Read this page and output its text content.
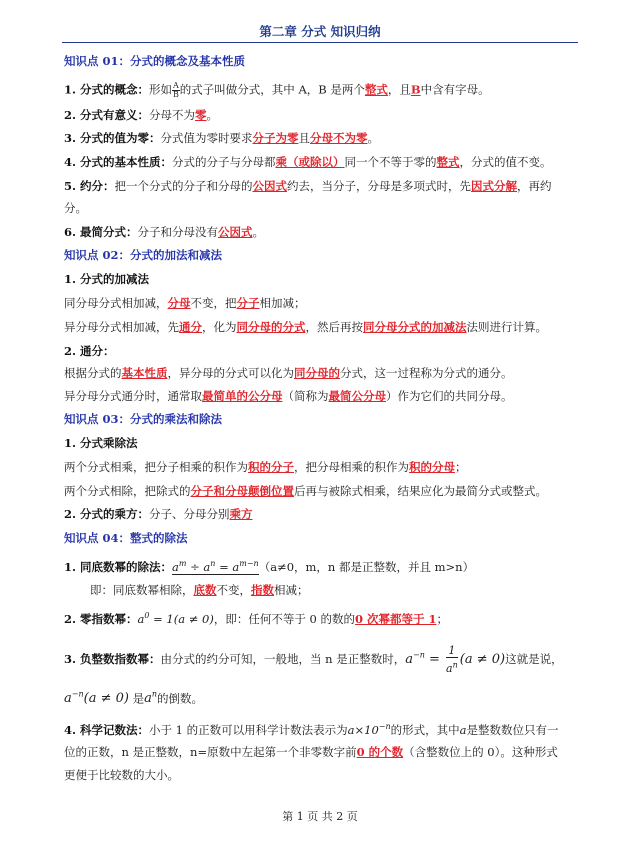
第二章 分式 知识归纳
知识点 01：分式的概念及基本性质
1. 分式的概念：形如 $\frac{A}{B}$ 的式子叫做分式，其中 A，B 是两个整式，且B中含有字母。
2. 分式有意义：分母不为零。
3. 分式的值为零：分式值为零时要求分子为零且分母不为零。
4. 分式的基本性质：分式的分子与分母都乘（或除以）同一个不等于零的整式，分式的值不变。
5. 约分：把一个分式的分子和分母的公因式约去，当分子，分母是多项式时，先因式分解，再约
分。
6. 最简分式：分子和分母没有公因式。
知识点 02：分式的加法和减法
1. 分式的加减法
同分母分式相加减，分母不变，把分子相加减；
异分母分式相加减，先通分，化为同分母的分式，然后再按同分母分式的加减法法则进行计算。
2. 通分：
根据分式的基本性质，异分母的分式可以化为同分母的分式，这一过程称为分式的通分。
异分母分式通分时，通常取最简单的公分母（简称为最简公分母）作为它们的共同分母。
知识点 03：分式的乘法和除法
1. 分式乘除法
两个分式相乘，把分子相乘的积作为积的分子，把分母相乘的积作为积的分母；
两个分式相除，把除式的分子和分母颠倒位置后再与被除式相乘，结果应化为最简分式或整式。
2. 分式的乘方：分子、分母分别乘方
知识点 04：整式的除法
1. 同底数幂的除法：$a^m \div a^n = a^{m-n}(a\ne 0$，m，n 都是正整数，并且 m>n）
即：同底数幂相除，底数不变，指数相减；
2. 零指数幂：$a^0 = 1(a \ne 0)$，即：任何不等于 0 的数的0 次幂都等于 1；
3. 负整数指数幂：由分式的约分可知，一般地，当 n 是正整数时，$a^{-n} = \frac{1}{a^n} (a \ne 0)$这就是说，
$a^{-n}(a \ne 0)$ 是$a^n$的倒数。
4. 科学记数法：小于 1 的正数可以用科学计数法表示为$a\times 10^{-n}$的形式，其中a是整数数位只有一
位的正数，n 是正整数，n=原数中左起第一个非零数字前0 的个数（含整数位上的 0）。这种形式
更便于比较数的大小。
第 1 页 共 2 页
